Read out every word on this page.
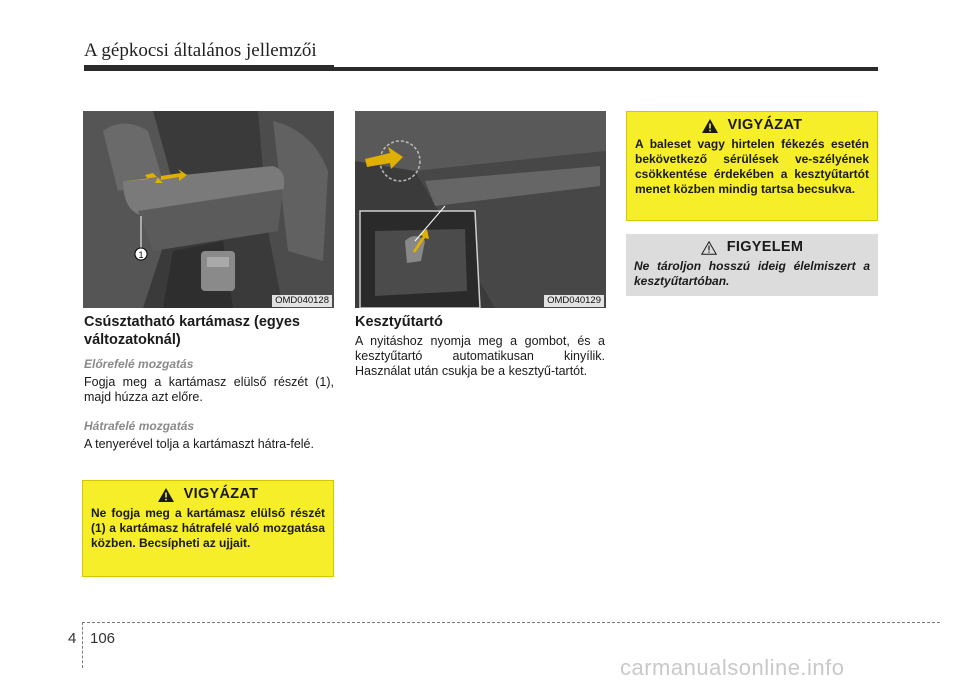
A gépkocsi általános jellemzői
1
OMD040128	OMD040129
Csúsztatható kartámasz (egyes változatoknál)
Előrefelé mozgatás

Fogja meg a kartámasz elülső részét (1), majd húzza azt előre.

Hátrafelé mozgatás

A tenyerével tolja a kartámaszt hátra-felé.

VIGYÁZAT
Ne fogja meg a kartámasz elülső részét (1) a kartámasz hátrafelé való mozgatása közben. Becsípheti az ujjait.
Kesztyűtartó

A nyitáshoz nyomja meg a gombot, és a kesztyűtartó automatikusan kinyílik. Használat után csukja be a kesztyű-tartót.

VIGYÁZAT
A baleset vagy hirtelen fékezés esetén bekövetkező sérülések ve-szélyének csökkentése érdekében a kesztyűtartót menet közben mindig tartsa becsukva.
FIGYELEM
Ne tároljon hosszú ideig élelmiszert a kesztyűtartóban.
4 106
carmanualsonline.info
